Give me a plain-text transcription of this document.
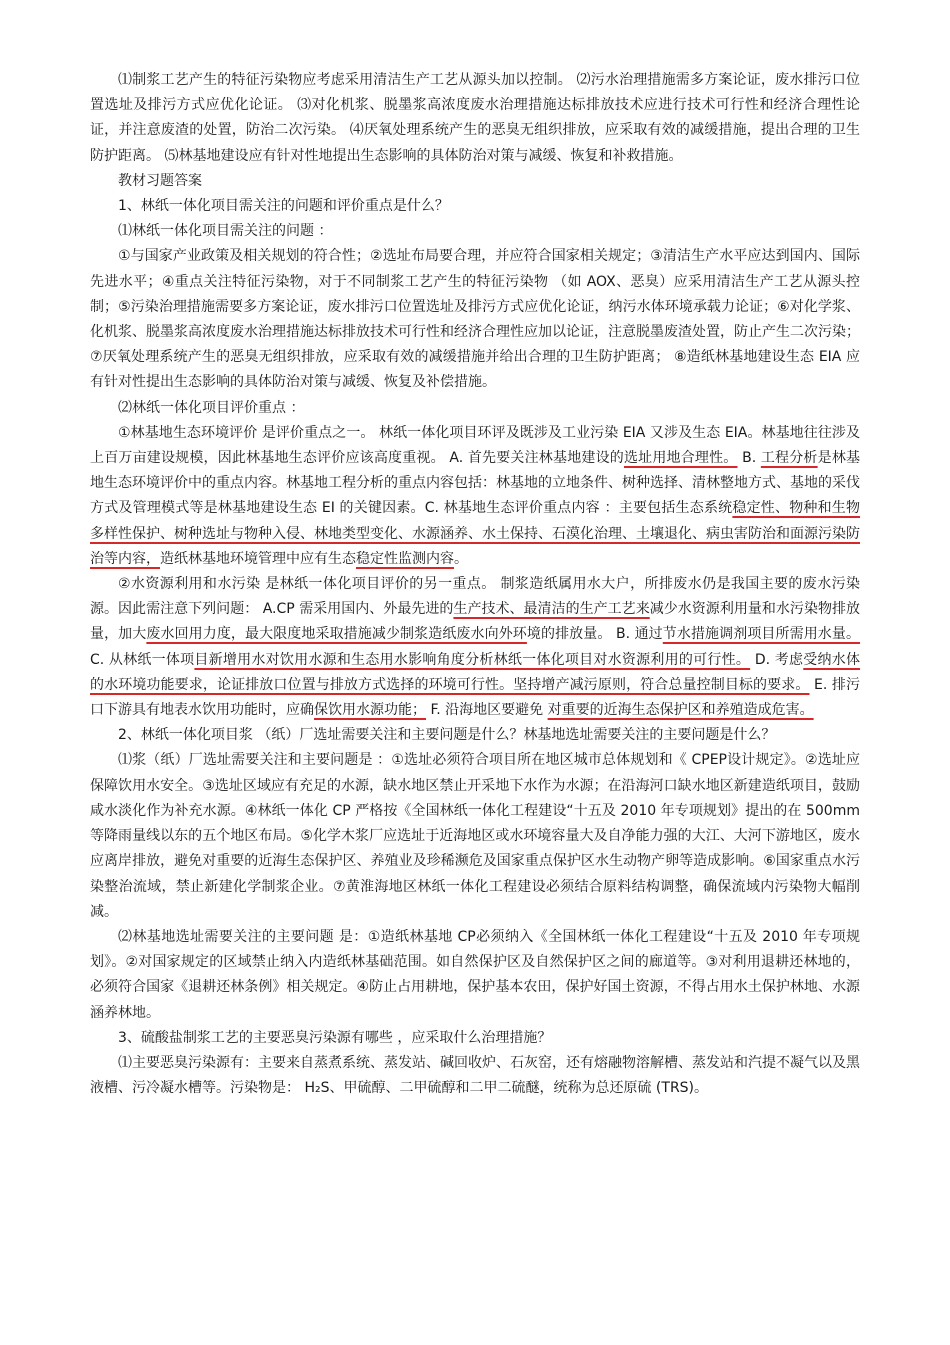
⑴制浆工艺产生的特征污染物应考虑采用清洁生产工艺从源头加以控制。 ⑵污水治理措施需多方案论证，废水排污口位置选址及排污方式应优化论证。 ⑶对化机浆、脱墨浆高浓度废水治理措施达标排放技术应进行技术可行性和经济合理性论证，并注意废渣的处置，防治二次污染。 ⑷厌氧处理系统产生的恶臭无组织排放，应采取有效的减缓措施，提出合理的卫生防护距离。 ⑸林基地建设应有针对性地提出生态影响的具体防治对策与减缓、恢复和补救措施。

教材习题答案

1、林纸一体化项目需关注的问题和评价重点是什么？

⑴林纸一体化项目需关注的问题 ：

①与国家产业政策及相关规划的符合性；②选址布局要合理，并应符合国家相关规定；③清洁生产水平应达到国内、国际先进水平；④重点关注特征污染物，对于不同制浆工艺产生的特征污染物 （如 AOX、恶臭）应采用清洁生产工艺从源头控制；⑤污染治理措施需要多方案论证，废水排污口位置选址及排污方式应优化论证，纳污水体环境承载力论证；⑥对化学浆、化机浆、脱墨浆高浓度废水治理措施达标排放技术可行性和经济合理性应加以论证，注意脱墨废渣处置，防止产生二次污染；⑦厌氧处理系统产生的恶臭无组织排放，应采取有效的减缓措施并给出合理的卫生防护距离； ⑧造纸林基地建设生态 EIA 应有针对性提出生态影响的具体防治对策与减缓、恢复及补偿措施。

⑵林纸一体化项目评价重点 ：

①林基地生态环境评价 是评价重点之一。 林纸一体化项目环评及既涉及工业污染 EIA 又涉及生态 EIA。林基地往往涉及上百万亩建设规模，因此林基地生态评价应该高度重视。 A. 首先要关注林基地建设的选址用地合理性。 B. 工程分析是林基地生态环境评价中的重点内容。林基地工程分析的重点内容包括：林基地的立地条件、树种选择、清林整地方式、基地的采伐方式及管理模式等是林基地建设生态 EI 的关键因素。C. 林基地生态评价重点内容 ：主要包括生态系统稳定性、物种和生物多样性保护、树种选址与物种入侵、林地类型变化、水源涵养、水土保持、石漠化治理、土壤退化、病虫害防治和面源污染防治等内容，造纸林基地环境管理中应有生态稳定性监测内容。

②水资源利用和水污染 是林纸一体化项目评价的另一重点。 制浆造纸属用水大户，所排废水仍是我国主要的废水污染源。因此需注意下列问题： A.CP 需采用国内、外最先进的生产技术、最清洁的生产工艺来减少水资源利用量和水污染物排放量，加大废水回用力度，最大限度地采取措施减少制浆造纸废水向外环境的排放量。 B. 通过节水措施调剂项目所需用水量。 C. 从林纸一体项目新增用水对饮用水源和生态用水影响角度分析林纸一体化项目对水资源利用的可行性。 D. 考虑受纳水体的水环境功能要求，论证排放口位置与排放方式选择的环境可行性。坚持增产减污原则，符合总量控制目标的要求。 E. 排污口下游具有地表水饮用功能时，应确保饮用水源功能； F. 沿海地区要避免 对重要的近海生态保护区和养殖造成危害。

2、林纸一体化项目浆 （纸）厂选址需要关注和主要问题是什么？林基地选址需要关注的主要问题是什么？

⑴浆（纸）厂选址需要关注和主要问题是 ：①选址必须符合项目所在地区城市总体规划和《 CPEP设计规定》。②选址应保障饮用水安全。③选址区域应有充足的水源，缺水地区禁止开采地下水作为水源；在沿海河口缺水地区新建造纸项目，鼓励咸水淡化作为补充水源。④林纸一体化 CP 严格按《全国林纸一体化工程建设“十五及 2010 年专项规划》提出的在 500mm等降雨量线以东的五个地区布局。⑤化学木浆厂应选址于近海地区或水环境容量大及自净能力强的大江、大河下游地区，废水应离岸排放，避免对重要的近海生态保护区、养殖业及珍稀濒危及国家重点保护区水生动物产卵等造成影响。⑥国家重点水污染整治流域，禁止新建化学制浆企业。⑦黄淮海地区林纸一体化工程建设必须结合原料结构调整，确保流域内污染物大幅削减。

⑵林基地选址需要关注的主要问题 是：①造纸林基地 CP必须纳入《全国林纸一体化工程建设“十五及 2010 年专项规划》。②对国家规定的区域禁止纳入内造纸林基础范围。如自然保护区及自然保护区之间的廊道等。③对利用退耕还林地的，必须符合国家《退耕还林条例》相关规定。④防止占用耕地，保护基本农田，保护好国土资源，不得占用水土保护林地、水源涵养林地。

3、硫酸盐制浆工艺的主要恶臭污染源有哪些 ，应采取什么治理措施？

⑴主要恶臭污染源有：主要来自蒸煮系统、蒸发站、碱回收炉、石灰窑，还有熔融物溶解槽、蒸发站和汽提不凝气以及黑液槽、污冷凝水槽等。污染物是： H₂S、甲硫醇、二甲硫醇和二甲二硫醚，统称为总还原硫 (TRS)。
